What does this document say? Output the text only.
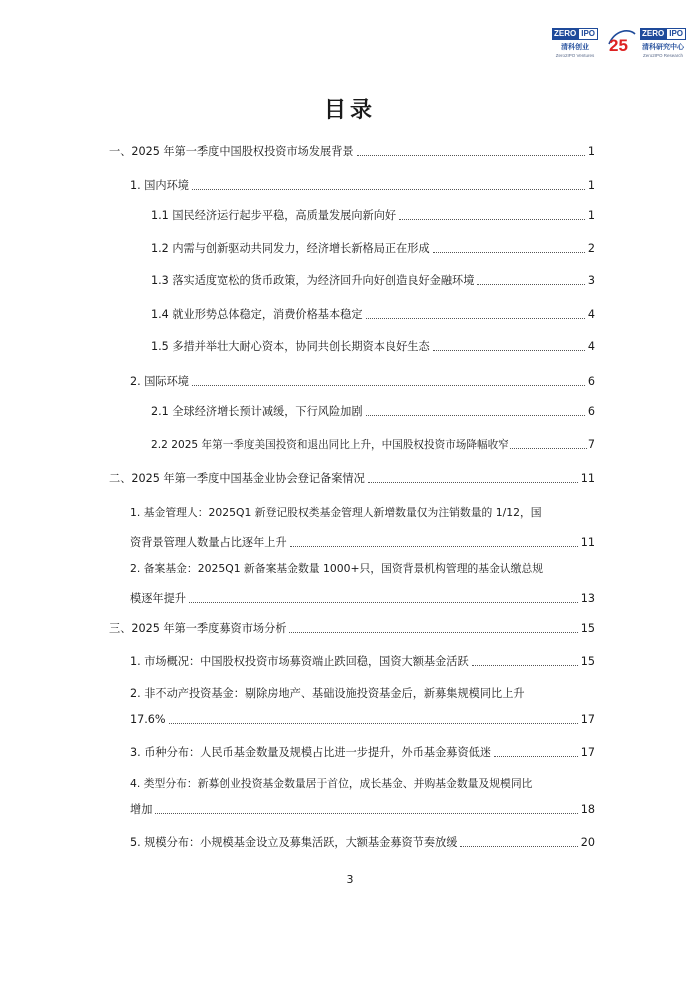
ZERO IPO
清科创业
Zero2IPO Ventures
25
ZERO IPO
清科研究中心
Zero2IPO Research
目录
一、2025 年第一季度中国股权投资市场发展背景	1
1. 国内环境	1
1.1 国民经济运行起步平稳，高质量发展向新向好	1
1.2 内需与创新驱动共同发力，经济增长新格局正在形成	2
1.3 落实适度宽松的货币政策，为经济回升向好创造良好金融环境	3
1.4 就业形势总体稳定，消费价格基本稳定	4
1.5 多措并举壮大耐心资本，协同共创长期资本良好生态	4
2. 国际环境	6
2.1 全球经济增长预计减缓，下行风险加剧	6
2.2 2025 年第一季度美国投资和退出同比上升，中国股权投资市场降幅收窄	7
二、2025 年第一季度中国基金业协会登记备案情况	11
1. 基金管理人：2025Q1 新登记股权类基金管理人新增数量仅为注销数量的 1/12，国
资背景管理人数量占比逐年上升	11
2. 备案基金：2025Q1 新备案基金数量 1000+只，国资背景机构管理的基金认缴总规
模逐年提升	13
三、2025 年第一季度募资市场分析	15
1. 市场概况：中国股权投资市场募资端止跌回稳，国资大额基金活跃	15
2. 非不动产投资基金：剔除房地产、基础设施投资基金后，新募集规模同比上升
17.6%	17
3. 币种分布：人民币基金数量及规模占比进一步提升，外币基金募资低迷	17
4. 类型分布：新募创业投资基金数量居于首位，成长基金、并购基金数量及规模同比
增加	18
5. 规模分布：小规模基金设立及募集活跃，大额基金募资节奏放缓	20
3
